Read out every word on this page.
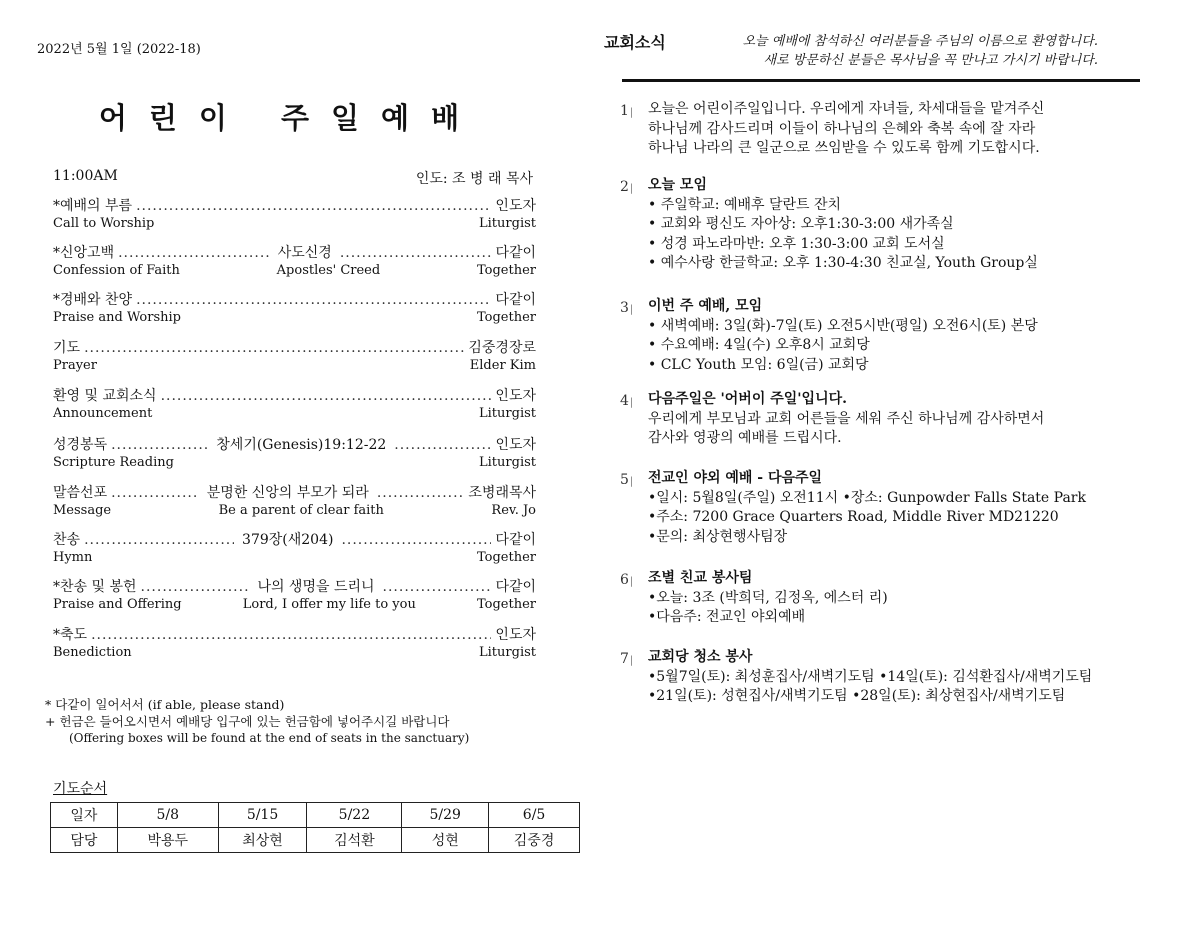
2022년 5월 1일 (2022-18)
어린이 주일예배
11:00AM	인도: 조 병 래 목사
*예배의 부름 .....	인도자
Call to Worship	Liturgist
*신앙고백 .....	사도신경 .....	다같이
Confession of Faith	Apostles' Creed	Together
*경배와 찬양 .....	다같이
Praise and Worship	Together
기도 .....	김중경장로
Prayer	Elder Kim
환영 및 교회소식 .....	인도자
Announcement	Liturgist
성경봉독 .....	창세기(Genesis)19:12-22 .....	인도자
Scripture Reading	Liturgist
말씀선포 .....	분명한 신앙의 부모가 되라 .....	조병래목사
Message	Be a parent of clear faith	Rev. Jo
찬송 .....	379장(새204) .....	다같이
Hymn	Together
*찬송 및 봉헌 .....	나의 생명을 드리니 .....	다같이
Praise and Offering	Lord, I offer my life to you	Together
*축도 .....	인도자
Benediction	Liturgist
* 다같이 일어서서 (if able, please stand)
+ 헌금은 들어오시면서 예배당 입구에 있는 헌금함에 넣어주시길 바랍니다
(Offering boxes will be found at the end of seats in the sanctuary)
기도순서
일자	5/8	5/15	5/22	5/29	6/5
담당	박용두	최상현	김석환	성현	김중경
교회소식	오늘 예배에 참석하신 여러분들을 주님의 이름으로 환영합니다.
새로 방문하신 분들은 목사님을 꼭 만나고 가시기 바랍니다.
1 |	오늘은 어린이주일입니다. 우리에게 자녀들, 차세대들을 맡겨주신
하나님께 감사드리며 이들이 하나님의 은혜와 축복 속에 잘 자라
하나님 나라의 큰 일군으로 쓰임받을 수 있도록 함께 기도합시다.
2 |	오늘 모임
• 주일학교: 예배후 달란트 잔치
• 교회와 평신도 자아상: 오후1:30-3:00 새가족실
• 성경 파노라마반: 오후 1:30-3:00 교회 도서실
• 예수사랑 한글학교: 오후 1:30-4:30 친교실, Youth Group실
3 |	이번 주 예배, 모임
• 새벽예배: 3일(화)-7일(토) 오전5시반(평일) 오전6시(토) 본당
• 수요예배: 4일(수) 오후8시 교회당
• CLC Youth 모임: 6일(금) 교회당
4 |	다음주일은 '어버이 주일'입니다.
우리에게 부모님과 교회 어른들을 세워 주신 하나님께 감사하면서
감사와 영광의 예배를 드립시다.
5 |	전교인 야외 예배 - 다음주일
•일시: 5월8일(주일) 오전11시 •장소: Gunpowder Falls State Park
•주소: 7200 Grace Quarters Road, Middle River MD21220
•문의: 최상현행사팀장
6 |	조별 친교 봉사팀
•오늘: 3조 (박희덕, 김정옥, 에스터 리)
•다음주: 전교인 야외예배
7 |	교회당 청소 봉사
•5월7일(토): 최성훈집사/새벽기도팀 •14일(토): 김석환집사/새벽기도팀
•21일(토): 성현집사/새벽기도팀 •28일(토): 최상현집사/새벽기도팀
